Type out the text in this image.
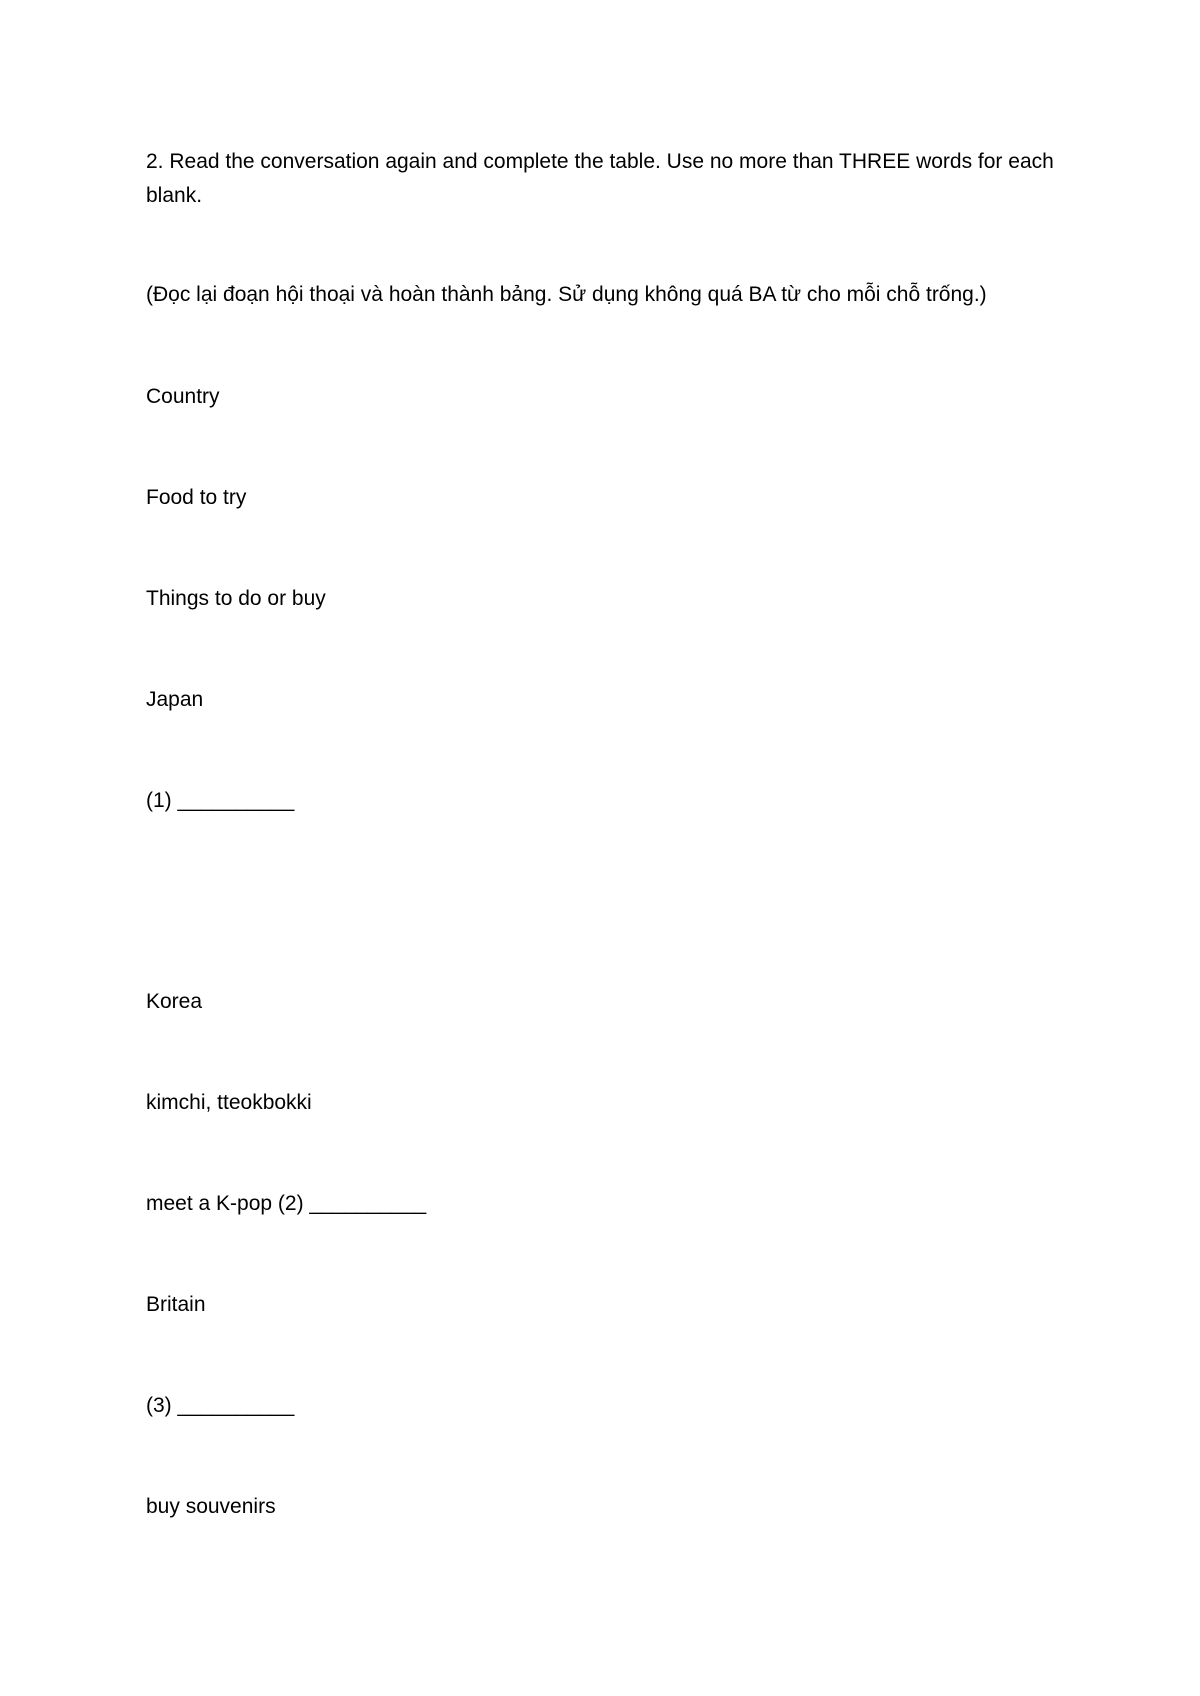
2. Read the conversation again and complete the table. Use no more than THREE words for each blank.

(Đọc lại đoạn hội thoại và hoàn thành bảng. Sử dụng không quá BA từ cho mỗi chỗ trống.)

Country

Food to try

Things to do or buy

Japan

(1) __________

Korea

kimchi, tteokbokki

meet a K-pop (2) __________

Britain

(3) __________

buy souvenirs
